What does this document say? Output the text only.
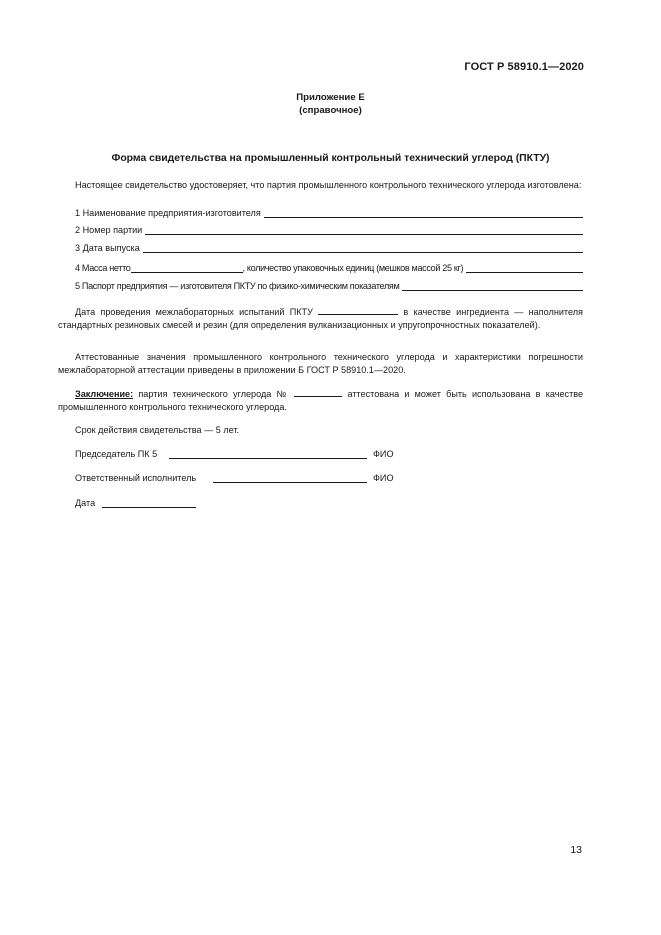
ГОСТ Р 58910.1—2020
Приложение Е
(справочное)
Форма свидетельства на промышленный контрольный технический углерод (ПКТУ)
Настоящее свидетельство удостоверяет, что партия промышленного контрольного технического углерода изготовлена:
1 Наименование предприятия-изготовителя
2 Номер партии
3 Дата выпуска
4 Масса нетто	, количество упаковочных единиц (мешков массой 25 кг)
5 Паспорт предприятия — изготовителя ПКТУ по физико-химическим показателям
Дата проведения межлабораторных испытаний ПКТУ	в качестве ингредиента — наполнителя стандартных резиновых смесей и резин (для определения вулканизационных и упругопрочностных показателей).
Аттестованные значения промышленного контрольного технического углерода и характеристики погрешности межлабораторной аттестации приведены в приложении Б ГОСТ Р 58910.1—2020.
Заключение: партия технического углерода №	аттестована и может быть использована в качестве промышленного контрольного технического углерода.
Срок действия свидетельства — 5 лет.
Председатель ПК 5	ФИО
Ответственный исполнитель	ФИО
Дата
13
